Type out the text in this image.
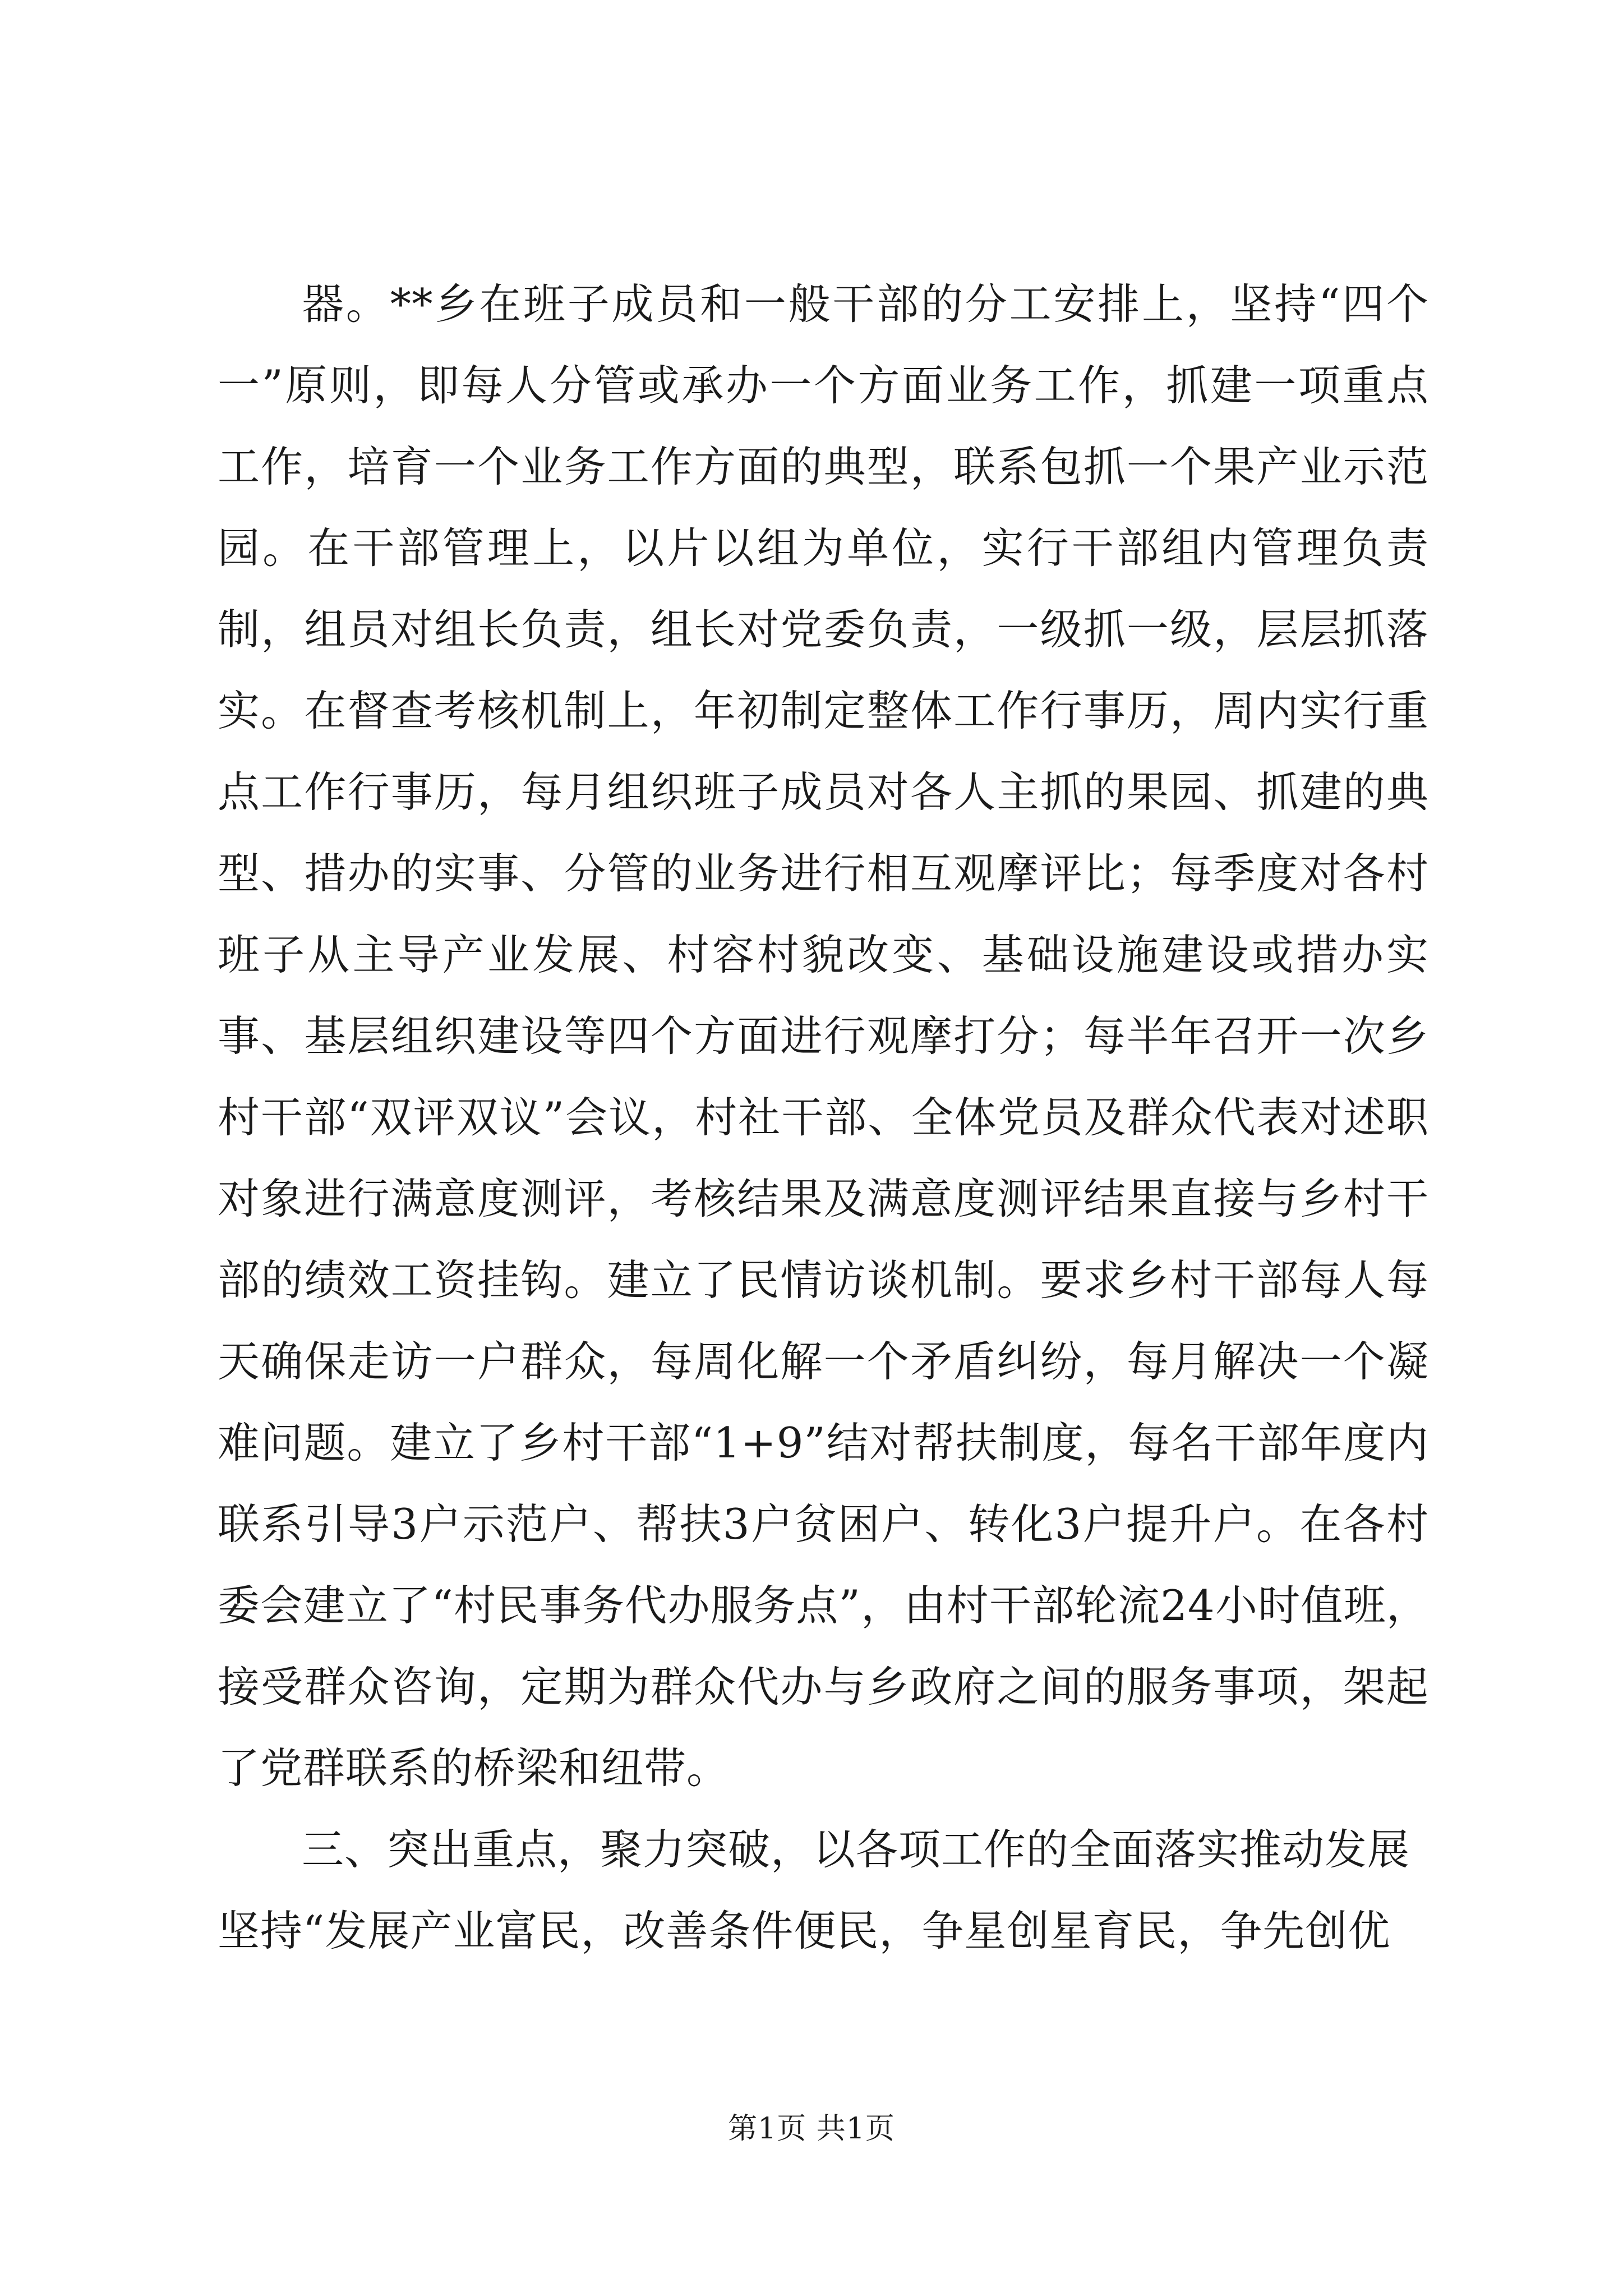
器。**乡在班子成员和一般干部的分工安排上，坚持“四个一”原则，即每人分管或承办一个方面业务工作，抓建一项重点工作，培育一个业务工作方面的典型，联系包抓一个果产业示范园。在干部管理上，以片以组为单位，实行干部组内管理负责制，组员对组长负责，组长对党委负责，一级抓一级，层层抓落实。在督查考核机制上，年初制定整体工作行事历，周内实行重点工作行事历，每月组织班子成员对各人主抓的果园、抓建的典型、措办的实事、分管的业务进行相互观摩评比；每季度对各村班子从主导产业发展、村容村貌改变、基础设施建设或措办实事、基层组织建设等四个方面进行观摩打分；每半年召开一次乡村干部“双评双议”会议，村社干部、全体党员及群众代表对述职对象进行满意度测评，考核结果及满意度测评结果直接与乡村干部的绩效工资挂钩。建立了民情访谈机制。要求乡村干部每人每天确保走访一户群众，每周化解一个矛盾纠纷，每月解决一个凝难问题。建立了乡村干部“1+9”结对帮扶制度，每名干部年度内联系引导3户示范户、帮扶3户贫困户、转化3户提升户。在各村委会建立了“村民事务代办服务点”，由村干部轮流24小时值班，接受群众咨询，定期为群众代办与乡政府之间的服务事项，架起了党群联系的桥梁和纽带。

三、突出重点，聚力突破，以各项工作的全面落实推动发展

坚持“发展产业富民，改善条件便民，争星创星育民，争先创优

第1页 共1页
